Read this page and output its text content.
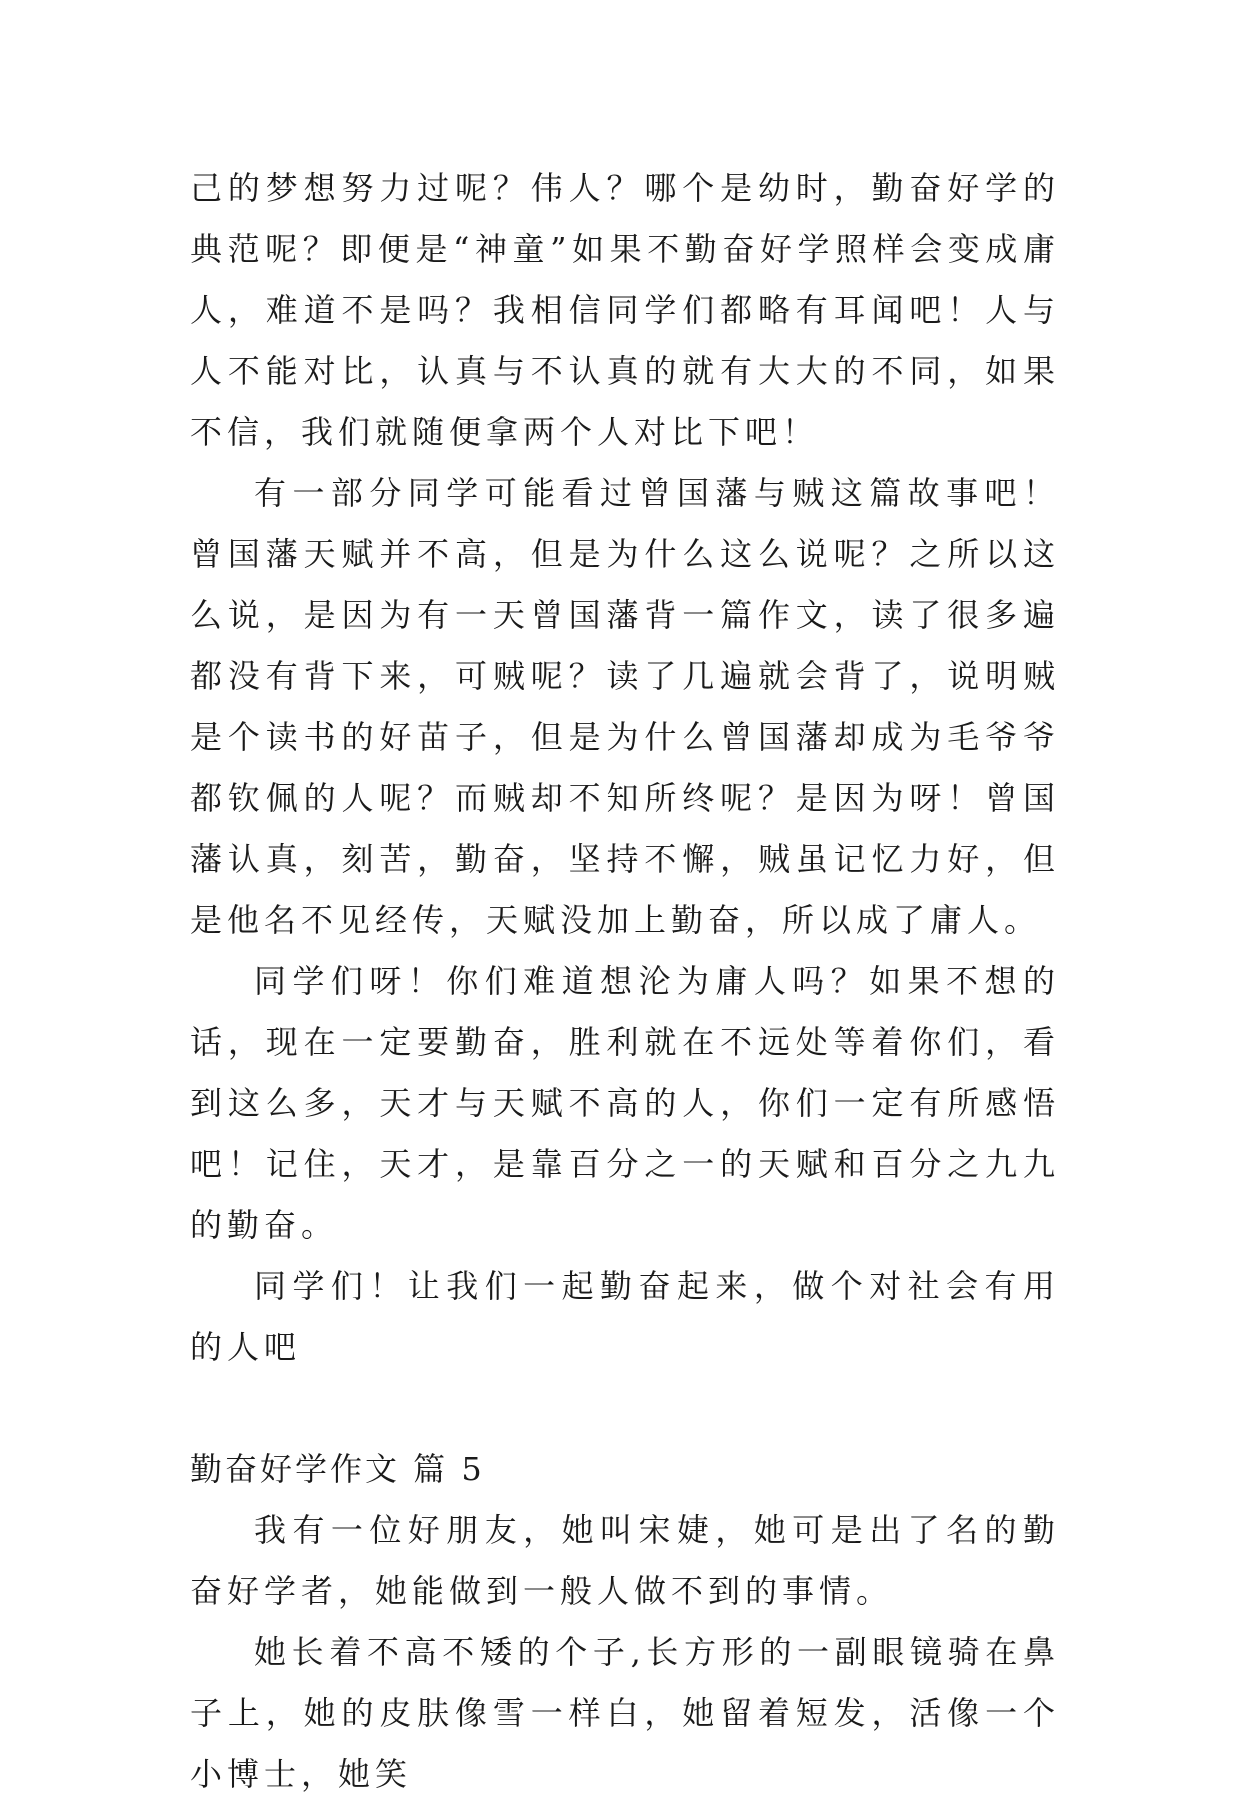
己的梦想努力过呢？伟人？哪个是幼时，勤奋好学的典范呢？即便是“神童”如果不勤奋好学照样会变成庸人，难道不是吗？我相信同学们都略有耳闻吧！人与人不能对比，认真与不认真的就有大大的不同，如果不信，我们就随便拿两个人对比下吧！

有一部分同学可能看过曾国藩与贼这篇故事吧！曾国藩天赋并不高，但是为什么这么说呢？之所以这么说，是因为有一天曾国藩背一篇作文，读了很多遍都没有背下来，可贼呢？读了几遍就会背了，说明贼是个读书的好苗子，但是为什么曾国藩却成为毛爷爷都钦佩的人呢？而贼却不知所终呢？是因为呀！曾国藩认真，刻苦，勤奋，坚持不懈，贼虽记忆力好，但是他名不见经传，天赋没加上勤奋，所以成了庸人。

同学们呀！你们难道想沦为庸人吗？如果不想的话，现在一定要勤奋，胜利就在不远处等着你们，看到这么多，天才与天赋不高的人，你们一定有所感悟吧！记住，天才，是靠百分之一的天赋和百分之九九的勤奋。

同学们！让我们一起勤奋起来，做个对社会有用的人吧

勤奋好学作文 篇 5

我有一位好朋友，她叫宋婕，她可是出了名的勤奋好学者，她能做到一般人做不到的事情。

她长着不高不矮的个子,长方形的一副眼镜骑在鼻子上，她的皮肤像雪一样白，她留着短发，活像一个小博士，她笑
